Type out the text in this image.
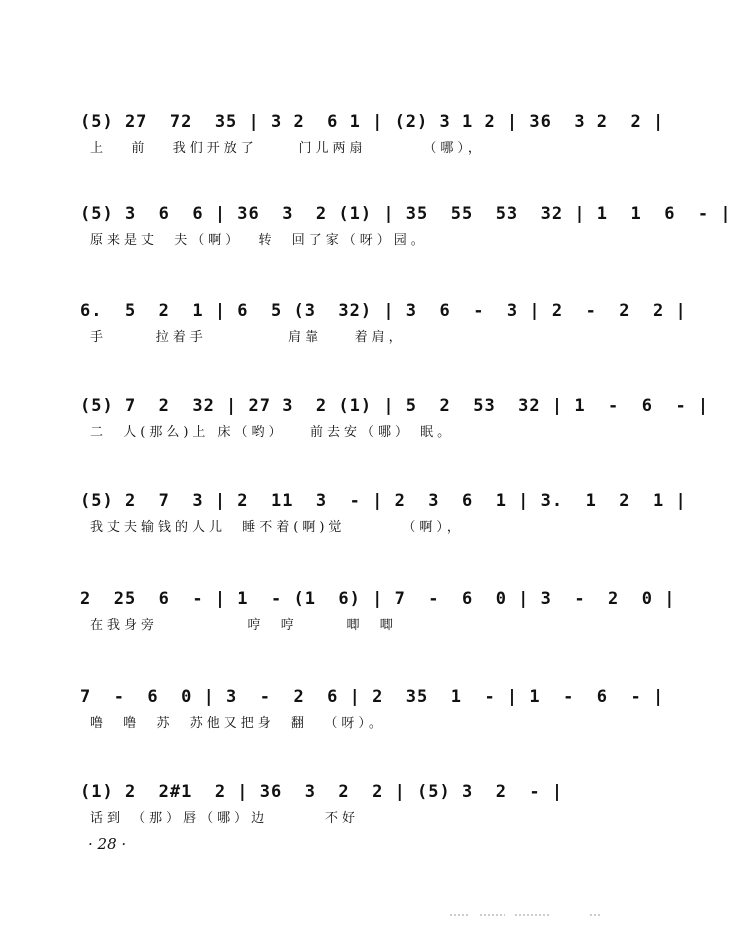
(5) 27  72  35 | 3 2  6 1 | (2) 3 1 2 | 36  3 2  2 |
上   前   我们开放了     门儿两扇       （哪），
(5) 3  6  6 | 36  3  2 (1) | 35  55  53  32 | 1  1  6  - |
原来是丈  夫（啊）  转  回了家（呀）园。
6.  5  2  1 | 6  5 (3  32) | 3  6  -  3 | 2  -  2  2 |
手      拉着手          肩靠    着肩，
(5) 7  2  32 | 27 3  2 (1) | 5  2  53  32 | 1  -  6  - |
二  人(那么)上 床（哟）   前去安（哪） 眠。
(5) 2  7  3 | 2  11  3  - | 2  3  6  1 | 3.  1  2  1 |
我丈夫输钱的人儿  睡不着(啊)觉       （啊），
2  25  6  - | 1  - (1  6) | 7  -  6  0 | 3  -  2  0 |
在我身旁           哼  哼      唧  唧
7  -  6  0 | 3  -  2  6 | 2  35  1  - | 1  -  6  - |
噜  噜  苏  苏他又把身  翻  （呀）。
(1) 2  2#1  2 | 36  3  2  2 | (5) 3  2  - |
话到 （那）唇（哪）边       不好
· 28 ·
